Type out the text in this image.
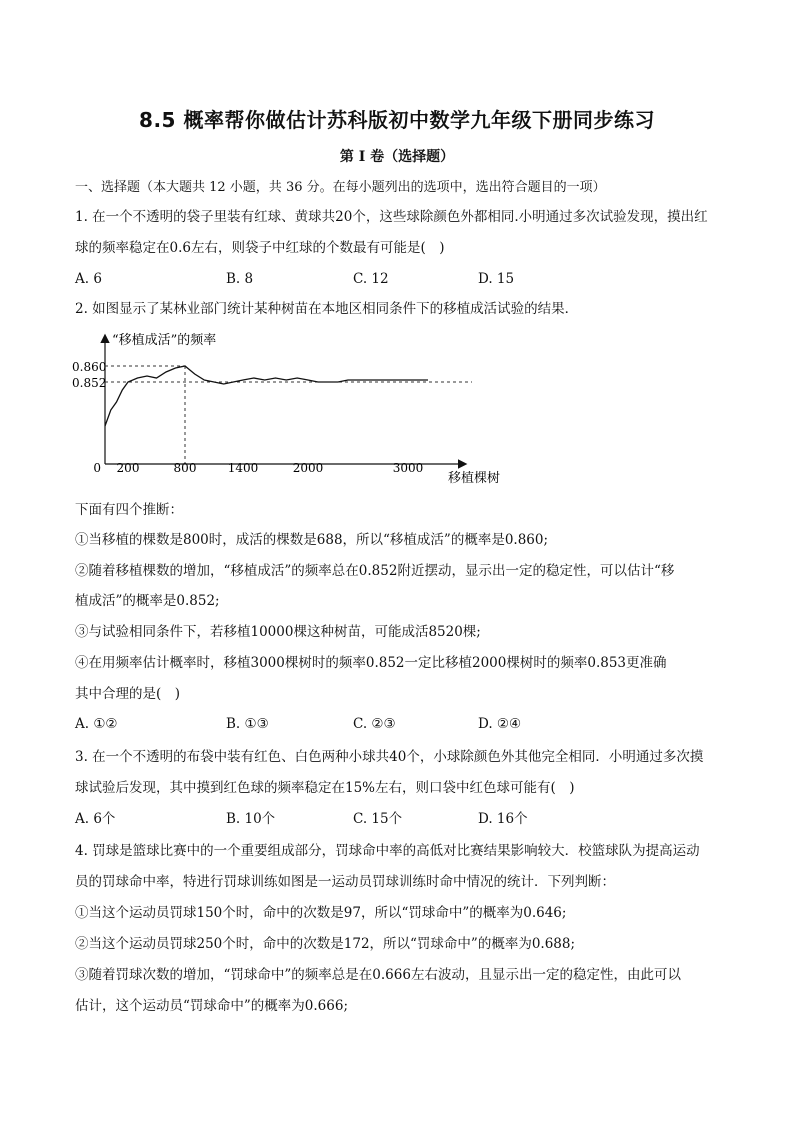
8.5 概率帮你做估计苏科版初中数学九年级下册同步练习
第 I 卷（选择题）
一、选择题（本大题共 12 小题，共 36 分。在每小题列出的选项中，选出符合题目的一项）
1. 在一个不透明的袋子里装有红球、黄球共20个，这些球除颜色外都相同.小明通过多次试验发现，摸出红
球的频率稳定在0.6左右，则袋子中红球的个数最有可能是(　)
A. 6	B. 8	C. 12	D. 15
2. 如图显示了某林业部门统计某种树苗在本地区相同条件下的移植成活试验的结果．
“移植成活”的频率
移植棵树
0
0.860
0.852
200	800	1400	2000	3000
下面有四个推断：
①当移植的棵数是800时，成活的棵数是688，所以“移植成活”的概率是0.860;
②随着移植棵数的增加，“移植成活”的频率总在0.852附近摆动，显示出一定的稳定性，可以估计“移
植成活”的概率是0.852;
③与试验相同条件下，若移植10000棵这种树苗，可能成活8520棵;
④在用频率估计概率时，移植3000棵树时的频率0.852一定比移植2000棵树时的频率0.853更准确
其中合理的是(　)
A. ①②	B. ①③	C. ②③	D. ②④
3. 在一个不透明的布袋中装有红色、白色两种小球共40个，小球除颜色外其他完全相同．小明通过多次摸
球试验后发现，其中摸到红色球的频率稳定在15%左右，则口袋中红色球可能有(　)
A. 6个	B. 10个	C. 15个	D. 16个
4. 罚球是篮球比赛中的一个重要组成部分，罚球命中率的高低对比赛结果影响较大．校篮球队为提高运动
员的罚球命中率，特进行罚球训练如图是一运动员罚球训练时命中情况的统计．下列判断：
①当这个运动员罚球150个时，命中的次数是97，所以“罚球命中”的概率为0.646;
②当这个运动员罚球250个时，命中的次数是172，所以“罚球命中”的概率为0.688;
③随着罚球次数的增加，“罚球命中”的频率总是在0.666左右波动，且显示出一定的稳定性，由此可以
估计，这个运动员“罚球命中”的概率为0.666;
